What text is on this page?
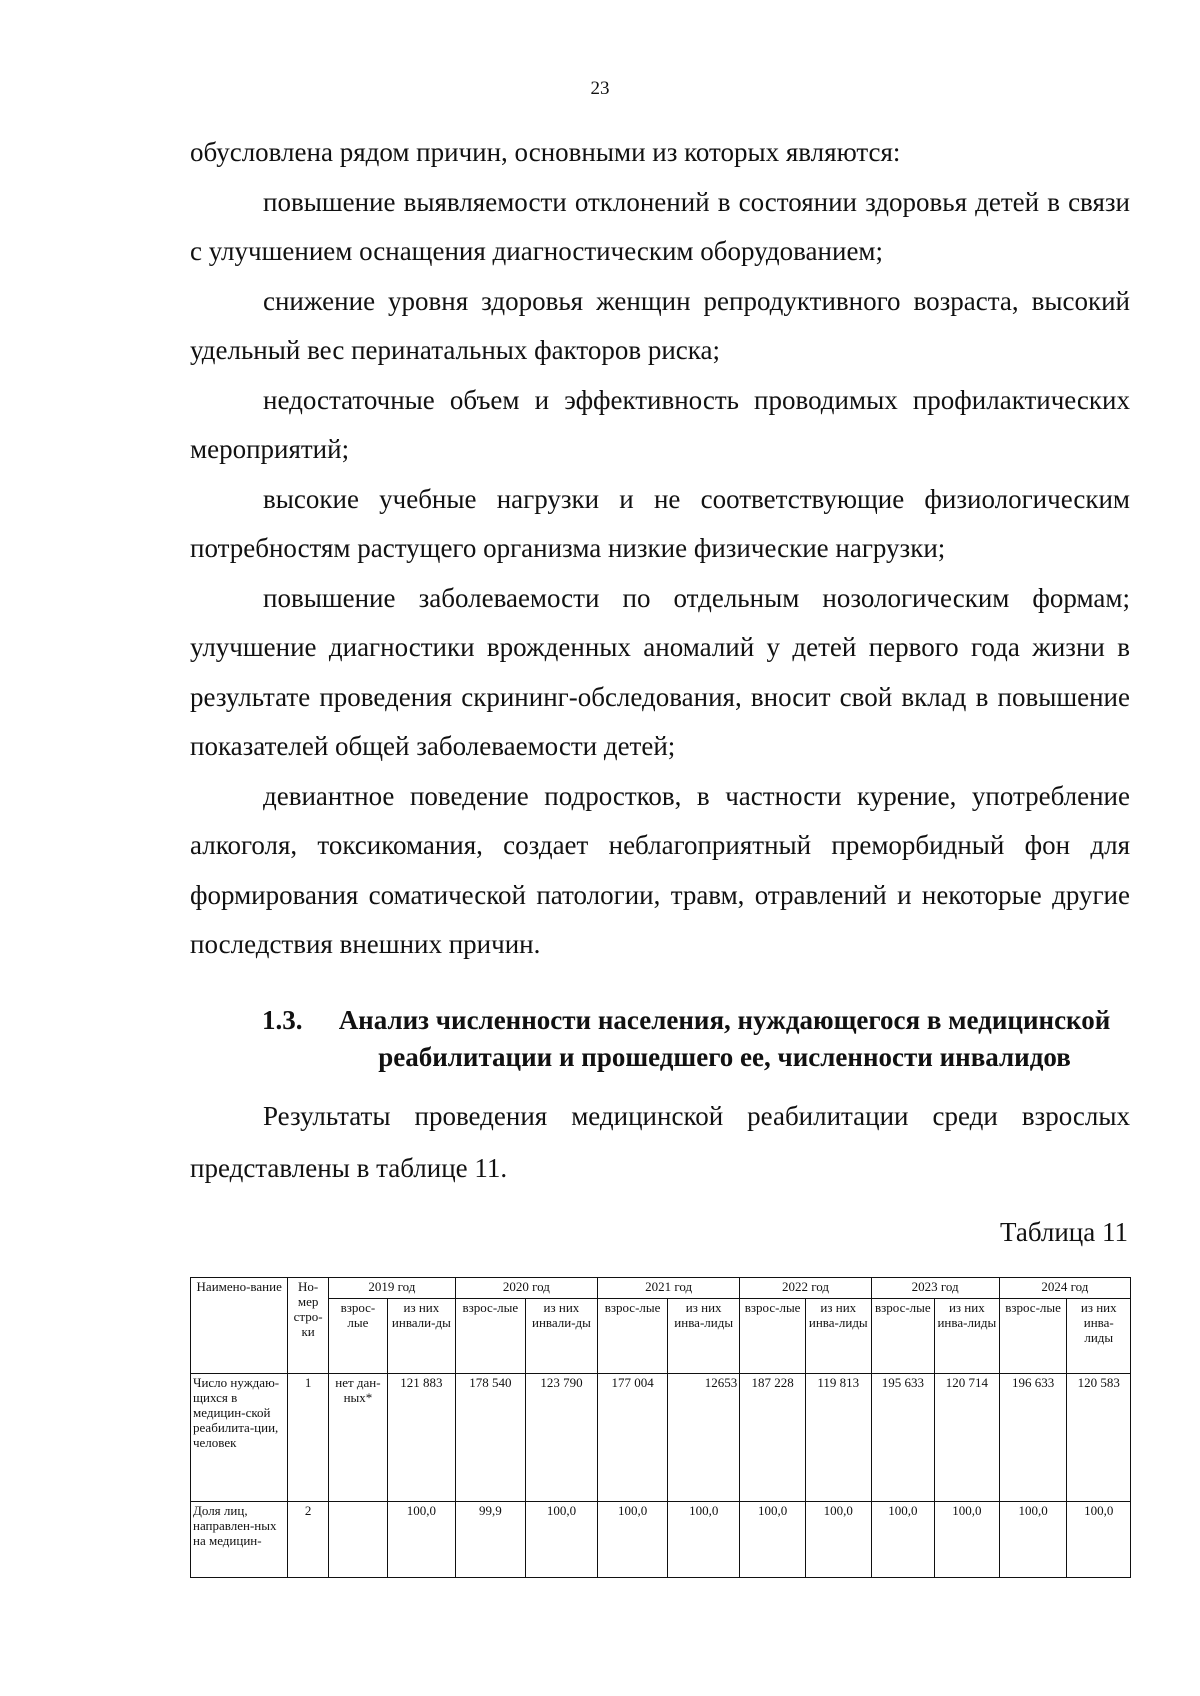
23

обусловлена рядом причин, основными из которых являются:

повышение выявляемости отклонений в состоянии здоровья детей в связи с улучшением оснащения диагностическим оборудованием;

снижение уровня здоровья женщин репродуктивного возраста, высокий удельный вес перинатальных факторов риска;

недостаточные объем и эффективность проводимых профилактических мероприятий;

высокие учебные нагрузки и не соответствующие физиологическим потребностям растущего организма низкие физические нагрузки;

повышение заболеваемости по отдельным нозологическим формам; улучшение диагностики врожденных аномалий у детей первого года жизни в результате проведения скрининг-обследования, вносит свой вклад в повышение показателей общей заболеваемости детей;

девиантное поведение подростков, в частности курение, употребление алкоголя, токсикомания, создает неблагоприятный преморбидный фон для формирования соматической патологии, травм, отравлений и некоторые другие последствия внешних причин.

1.3.	Анализ численности населения, нуждающегося в медицинской реабилитации и прошедшего ее, численности инвалидов

Результаты проведения медицинской реабилитации среди взрослых представлены в таблице 11.

Таблица 11
Наимено-вание	Но-мер стро-ки	2019 год		2020 год		2021 год		2022 год		2023 год		2024 год	
		взрос-лые	из них инвали-ды	взрос-лые	из них инвали-ды	взрос-лые	из них инва-лиды	взрос-лые	из них инва-лиды	взрос-лые	из них инва-лиды	взрос-лые	из них инва-лиды
Число нуждаю-щихся в медицин-ской реабилита-ции, человек	1	нет дан-ных*	121 883	178 540	123 790	177 004	12653	187 228	119 813	195 633	120 714	196 633	120 583
Доля лиц, направлен-ных на медицин-	2		100,0	99,9	100,0	100,0	100,0	100,0	100,0	100,0	100,0	100,0	100,0
